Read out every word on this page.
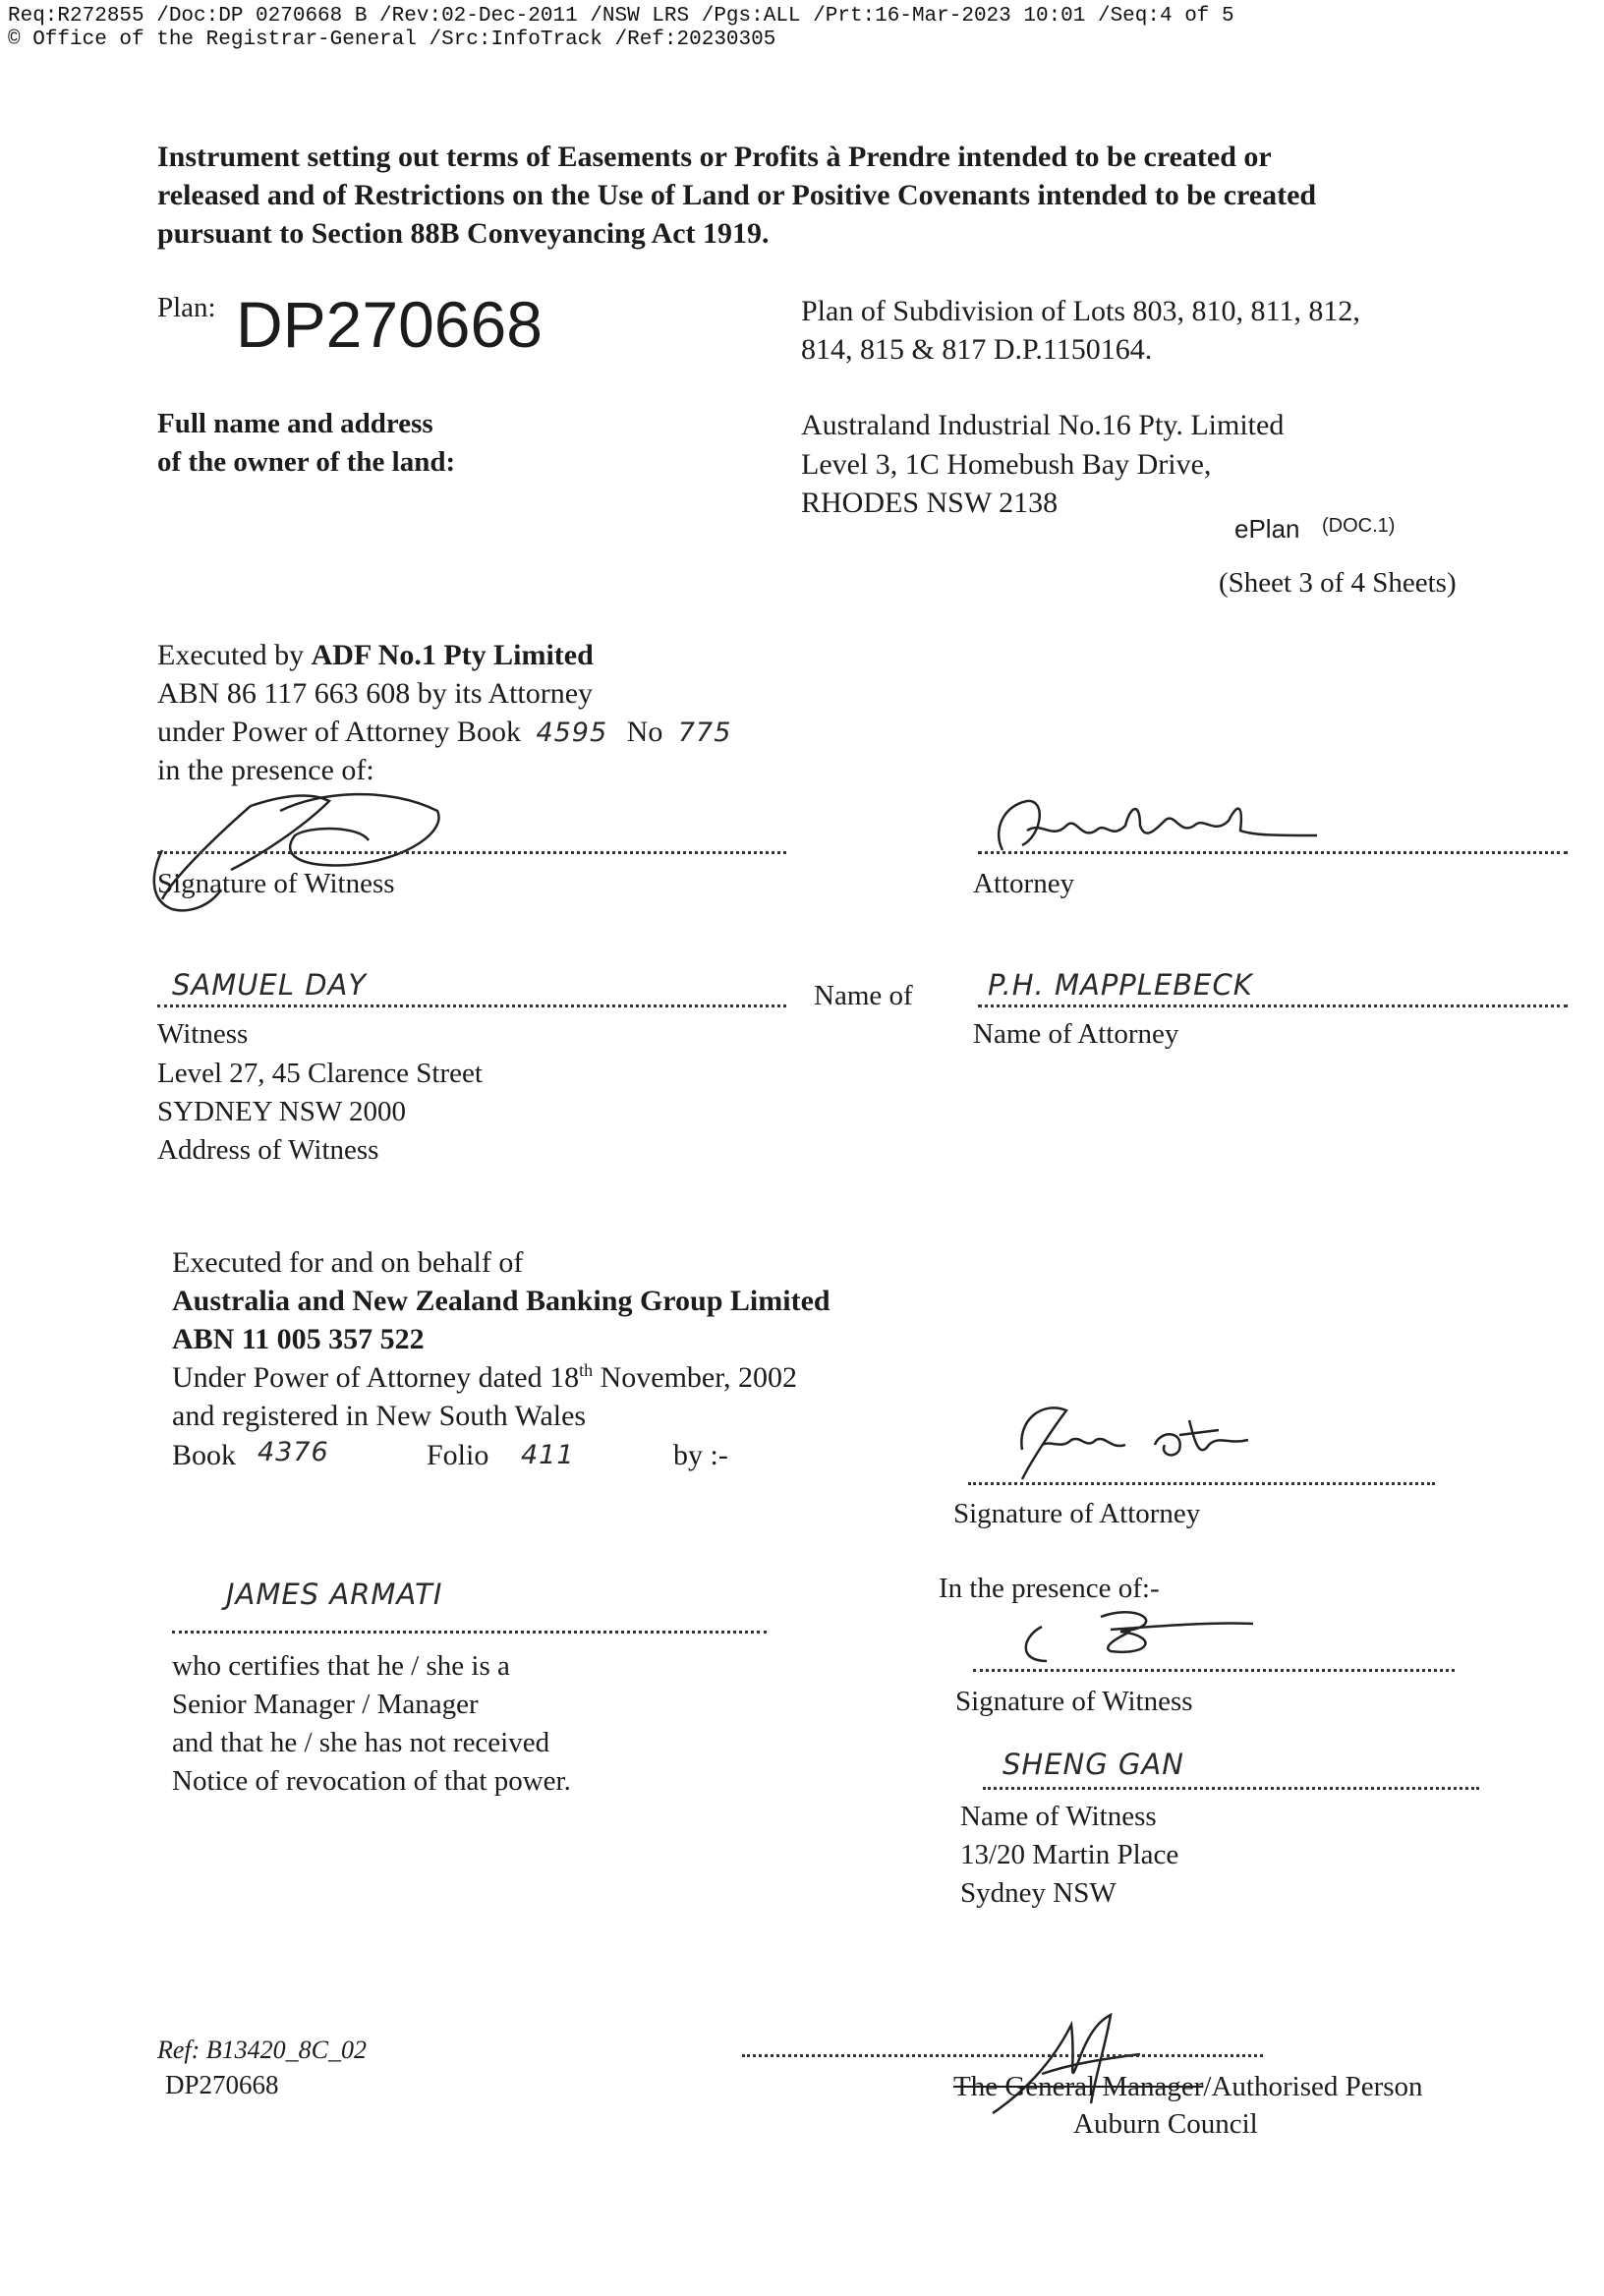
Req:R272855 /Doc:DP 0270668 B /Rev:02-Dec-2011 /NSW LRS /Pgs:ALL /Prt:16-Mar-2023 10:01 /Seq:4 of 5
© Office of the Registrar-General /Src:InfoTrack /Ref:20230305
Instrument setting out terms of Easements or Profits à Prendre intended to be created or
released and of Restrictions on the Use of Land or Positive Covenants intended to be created
pursuant to Section 88B Conveyancing Act 1919.
Plan: DP270668	Plan of Subdivision of Lots 803, 810, 811, 812,
814, 815 & 817 D.P.1150164.
Full name and address
of the owner of the land:
Australand Industrial No.16 Pty. Limited
Level 3, 1C Homebush Bay Drive,
RHODES NSW 2138
ePlan (DOC.1)
(Sheet 3 of 4 Sheets)
Executed by ADF No.1 Pty Limited
ABN 86 117 663 608 by its Attorney
under Power of Attorney Book 4595 No 775
in the presence of:
Signature of Witness	Attorney
SAMUEL DAY	Name of	P.H. MAPPLEBECK
Witness	Name of Attorney
Level 27, 45 Clarence Street
SYDNEY NSW 2000
Address of Witness
Executed for and on behalf of
Australia and New Zealand Banking Group Limited
ABN 11 005 357 522
Under Power of Attorney dated 18th November, 2002
and registered in New South Wales
Book 4376	Folio 411	by :-
Signature of Attorney
In the presence of:-
JAMES ARMATI
who certifies that he / she is a
Senior Manager / Manager
and that he / she has not received
Notice of revocation of that power.
Signature of Witness
SHENG GAN
Name of Witness
13/20 Martin Place
Sydney NSW
Ref: B13420_8C_02
DP270668	The General Manager/Authorised Person
Auburn Council
